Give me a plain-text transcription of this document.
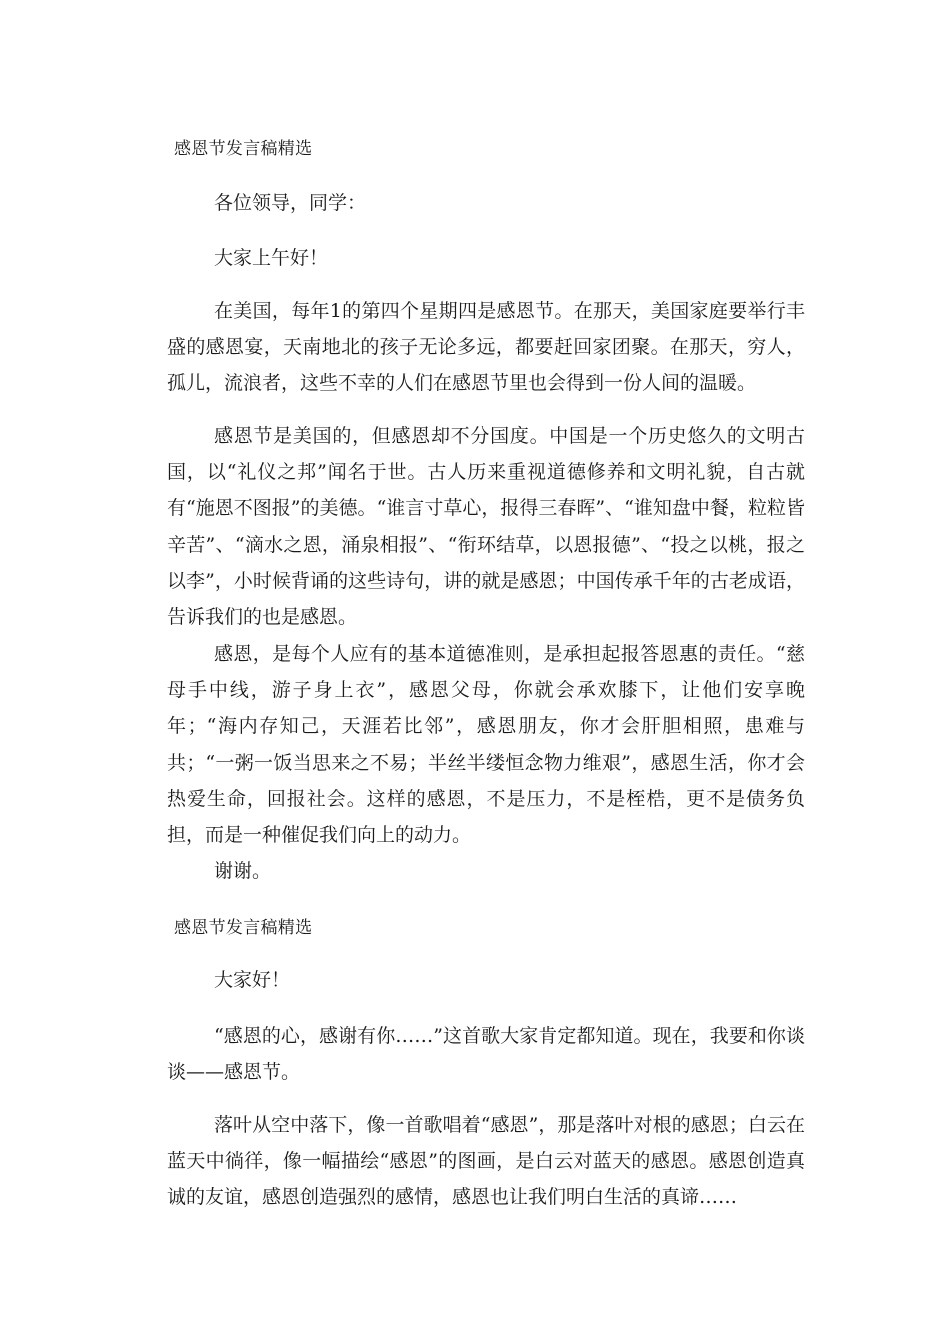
感恩节发言稿精选

各位领导，同学：

大家上午好！

在美国，每年1的第四个星期四是感恩节。在那天，美国家庭要举行丰盛的感恩宴，天南地北的孩子无论多远，都要赶回家团聚。在那天，穷人，孤儿，流浪者，这些不幸的人们在感恩节里也会得到一份人间的温暖。

感恩节是美国的，但感恩却不分国度。中国是一个历史悠久的文明古国，以“礼仪之邦”闻名于世。古人历来重视道德修养和文明礼貌，自古就有“施恩不图报”的美德。“谁言寸草心，报得三春晖”、“谁知盘中餐，粒粒皆辛苦”、“滴水之恩，涌泉相报”、“衔环结草，以恩报德”、“投之以桃，报之以李”，小时候背诵的这些诗句，讲的就是感恩；中国传承千年的古老成语，告诉我们的也是感恩。

感恩，是每个人应有的基本道德准则，是承担起报答恩惠的责任。“慈母手中线，游子身上衣”，感恩父母，你就会承欢膝下，让他们安享晚年；“海内存知己，天涯若比邻”，感恩朋友，你才会肝胆相照，患难与共；“一粥一饭当思来之不易；半丝半缕恒念物力维艰”，感恩生活，你才会热爱生命，回报社会。这样的感恩，不是压力，不是桎梏，更不是债务负担，而是一种催促我们向上的动力。

谢谢。

感恩节发言稿精选

大家好！

“感恩的心，感谢有你……”这首歌大家肯定都知道。现在，我要和你谈谈——感恩节。

落叶从空中落下，像一首歌唱着“感恩”，那是落叶对根的感恩；白云在蓝天中徜徉，像一幅描绘“感恩”的图画，是白云对蓝天的感恩。感恩创造真诚的友谊，感恩创造强烈的感情，感恩也让我们明白生活的真谛……
